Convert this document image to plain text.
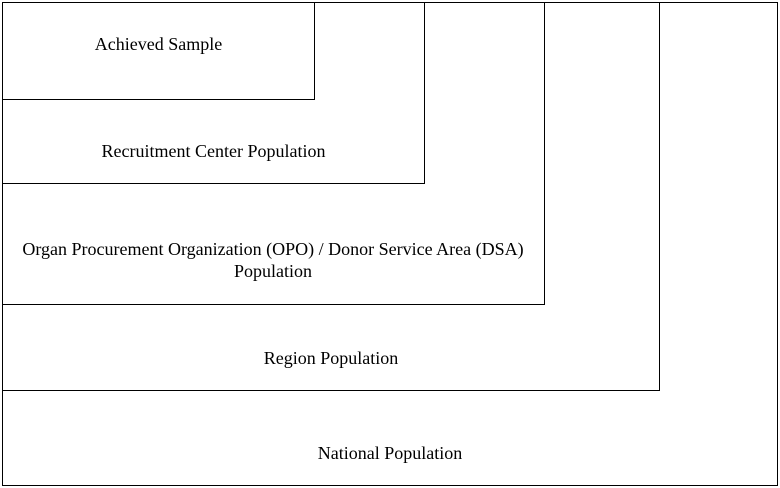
Achieved Sample
Recruitment Center Population
Organ Procurement Organization (OPO) / Donor Service Area (DSA) Population
Region Population
National Population
